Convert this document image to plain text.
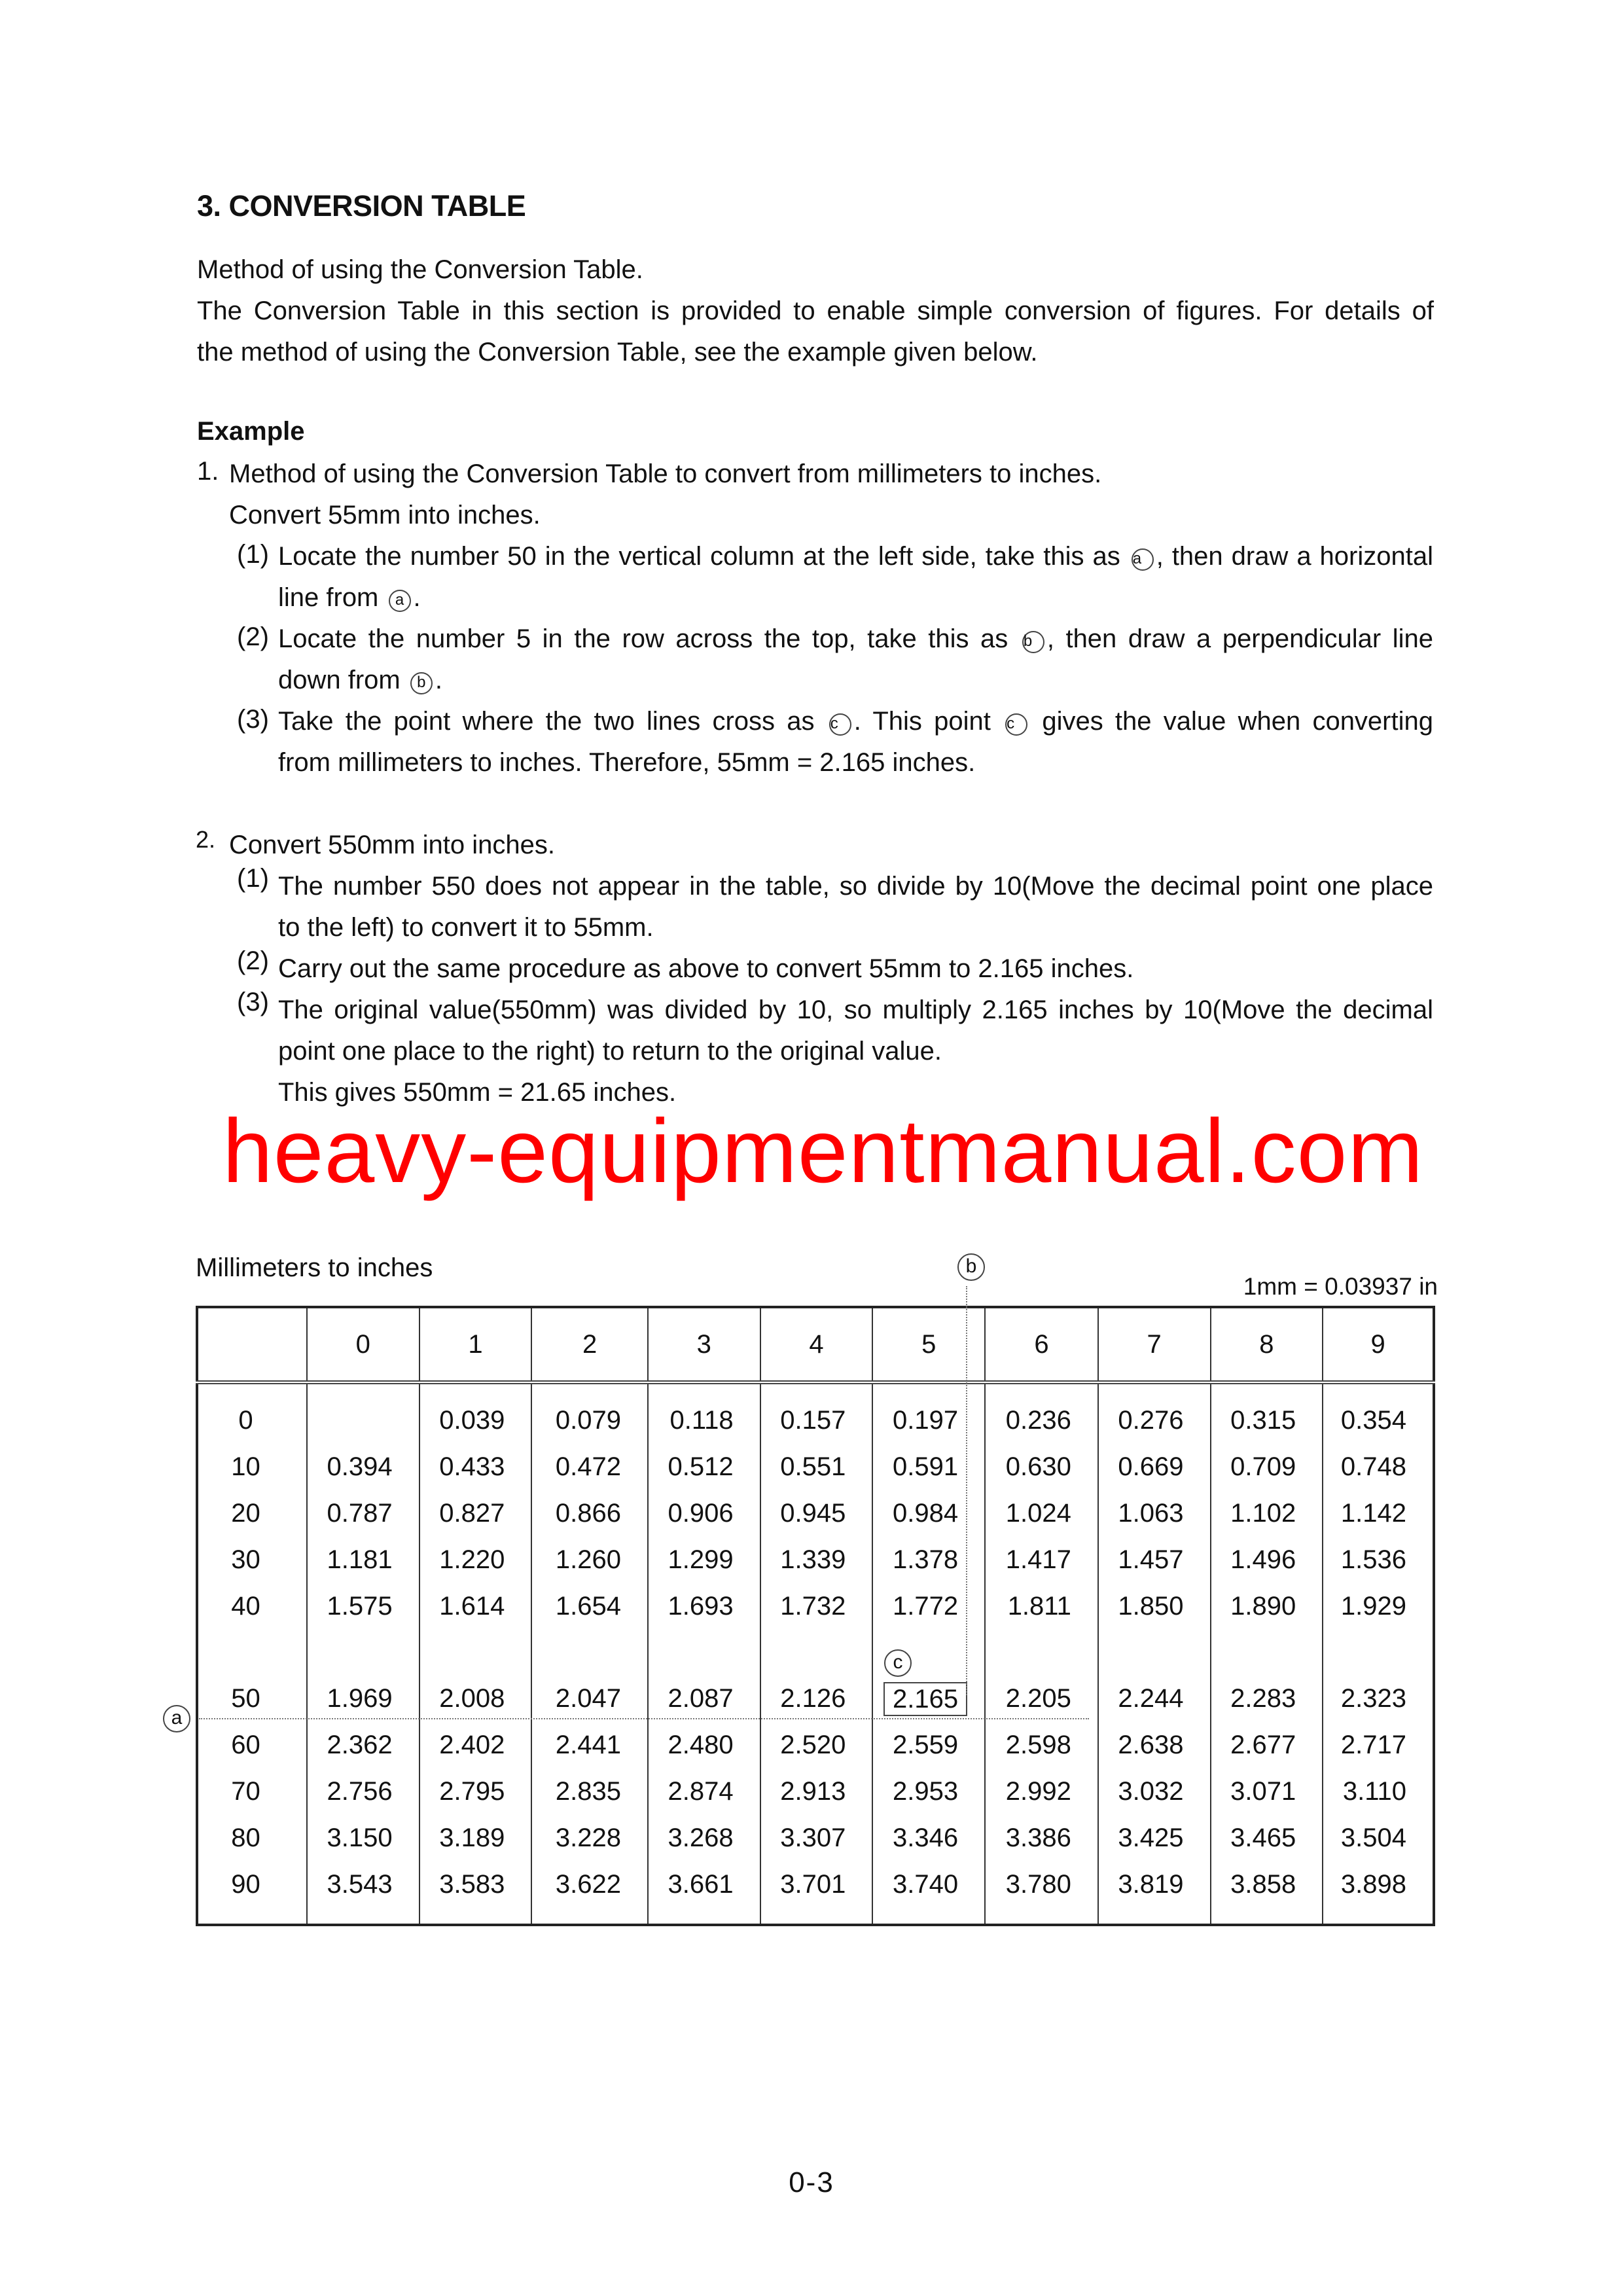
3. CONVERSION TABLE
Method of using the Conversion Table.
The Conversion Table in this section is provided to enable simple conversion of figures. For details of
the method of using the Conversion Table, see the example given below.
Example
1. Method of using the Conversion Table to convert from millimeters to inches.
Convert 55mm into inches.
(1) Locate the number 50 in the vertical column at the left side, take this as a , then draw a horizontal
line from a .
(2) Locate the number 5 in the row across the top, take this as b , then draw a perpendicular line
down from b .
(3) Take the point where the two lines cross as c . This point c gives the value when converting
from millimeters to inches. Therefore, 55mm = 2.165 inches.
2. Convert 550mm into inches.
(1) The number 550 does not appear in the table, so divide by 10(Move the decimal point one place
to the left) to convert it to 55mm.
(2) Carry out the same procedure as above to convert 55mm to 2.165 inches.
(3) The original value(550mm) was divided by 10, so multiply 2.165 inches by 10(Move the decimal
point one place to the right) to return to the original value.
This gives 550mm = 21.65 inches.
heavy-equipmentmanual.com
Millimeters to inches
1mm = 0.03937 in
b
a
c
	0	1	2	3	4	5	6	7	8	9
0		0.039	0.079	0.118	0.157	0.197	0.236	0.276	0.315	0.354
10	0.394	0.433	0.472	0.512	0.551	0.591	0.630	0.669	0.709	0.748
20	0.787	0.827	0.866	0.906	0.945	0.984	1.024	1.063	1.102	1.142
30	1.181	1.220	1.260	1.299	1.339	1.378	1.417	1.457	1.496	1.536
40	1.575	1.614	1.654	1.693	1.732	1.772	1.811	1.850	1.890	1.929

50	1.969	2.008	2.047	2.087	2.126	2.165	2.205	2.244	2.283	2.323
60	2.362	2.402	2.441	2.480	2.520	2.559	2.598	2.638	2.677	2.717
70	2.756	2.795	2.835	2.874	2.913	2.953	2.992	3.032	3.071	3.110
80	3.150	3.189	3.228	3.268	3.307	3.346	3.386	3.425	3.465	3.504
90	3.543	3.583	3.622	3.661	3.701	3.740	3.780	3.819	3.858	3.898
0-3
